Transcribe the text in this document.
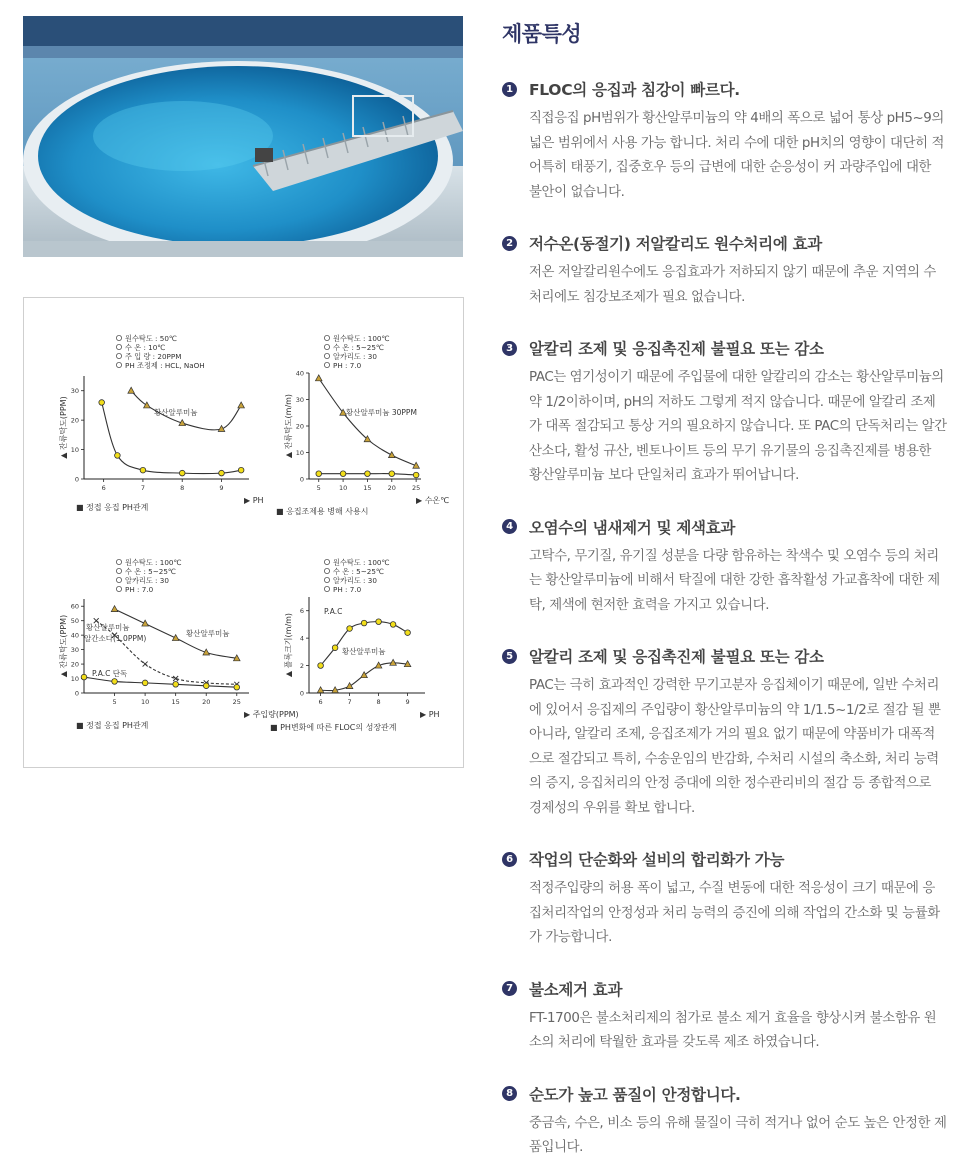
원수탁도 : 50℃
수 온 : 10℃
주 입 량 : 20PPM
PH 조정제 : HCL, NaOH
6	7	8	9
0
10
20
30
▲ 잔류탁도(PPM)
▶ PH
■ 정접 응집 PH관계
황산알루미늄
원수탁도 : 100℃
수 온 : 5~25℃
알카리도 : 30
PH : 7.0
5	10 15 20 25
0
10
20
30
40
▲ 잔류탁도(m/m)
▶ 수온℃
■ 응집조제용 병해 사용시
황산알루미늄 30PPM
원수탁도 : 100℃
수 온 : 5~25℃
알카리도 : 30
PH : 7.0
5	10	15	20	25
0
10
20
30
40
50
60
▲ 잔류탁도(PPM)
▶ 주입량(PPM)
■ 정접 응집 PH관계
황산알루미늄
황산알루미늄
알간소다(1.0PPM)
P.A.C 단독
원수탁도 : 100℃
수 온 : 5~25℃
알카리도 : 30
PH : 7.0
6	7	8	9
0
2
4
6
▲ 플록크기(m/m)
▶ PH
■ PH변화에 따른 FLOC의 성장관계
P.A.C
황산알루미늄
제품특성
1 FLOC의 응집과 침강이 빠르다.

직접응집 pH범위가 황산알루미늄의 약 4배의 폭으로 넓어 통상 pH5~9의 넓은 범위에서 사용 가능 합니다. 처리 수에 대한 pH치의 영향이 대단히 적어특히 태풍기, 집중호우 등의 급변에 대한 순응성이 커 과량주입에 대한 불안이 없습니다.

2 저수온(동절기) 저알칼리도 원수처리에 효과

저온 저알칼리원수에도 응집효과가 저하되지 않기 때문에 추운 지역의 수처리에도 침강보조제가 필요 없습니다.

3 알칼리 조제 및 응집촉진제 불필요 또는 감소

PAC는 염기성이기 때문에 주입물에 대한 알칼리의 감소는 황산알루미늄의 약 1/2이하이며, pH의 저하도 그렇게 적지 않습니다. 때문에 알칼리 조제가 대폭 절감되고 통상 거의 필요하지 않습니다. 또 PAC의 단독처리는 알간 산소다, 활성 규산, 벤토나이트 등의 무기 유기물의 응집촉진제를 병용한 황산알루미늄 보다 단일처리 효과가 뛰어납니다.

4 오염수의 냄새제거 및 제색효과

고탁수, 무기질, 유기질 성분을 다량 함유하는 착색수 및 오염수 등의 처리는 황산알루미늄에 비해서 탁질에 대한 강한 흡착활성 가교흡착에 대한 제탁, 제색에 현저한 효력을 가지고 있습니다.

5 알칼리 조제 및 응집촉진제 불필요 또는 감소

PAC는 극히 효과적인 강력한 무기고분자 응집체이기 때문에, 일반 수처리에 있어서 응집제의 주입량이 황산알루미늄의 약 1/1.5~1/2로 절감 될 뿐 아니라, 알칼리 조제, 응집조제가 거의 필요 없기 때문에 약품비가 대폭적으로 절감되고 특히, 수송운임의 반감화, 수처리 시설의 축소화, 처리 능력의 증지, 응집처리의 안정 증대에 의한 정수관리비의 절감 등 종합적으로 경제성의 우위를 확보 합니다.

6 작업의 단순화와 설비의 합리화가 가능

적정주입량의 허용 폭이 넓고, 수질 변동에 대한 적응성이 크기 때문에 응집처리작업의 안정성과 처리 능력의 증진에 의해 작업의 간소화 및 능률화가 가능합니다.

7 불소제거 효과

FT-1700은 불소처리제의 첨가로 불소 제거 효율을 향상시켜 불소함유 원소의 처리에 탁월한 효과를 갖도록 제조 하였습니다.

8 순도가 높고 품질이 안정합니다.

중금속, 수은, 비소 등의 유해 물질이 극히 적거나 없어 순도 높은 안정한 제품입니다.
